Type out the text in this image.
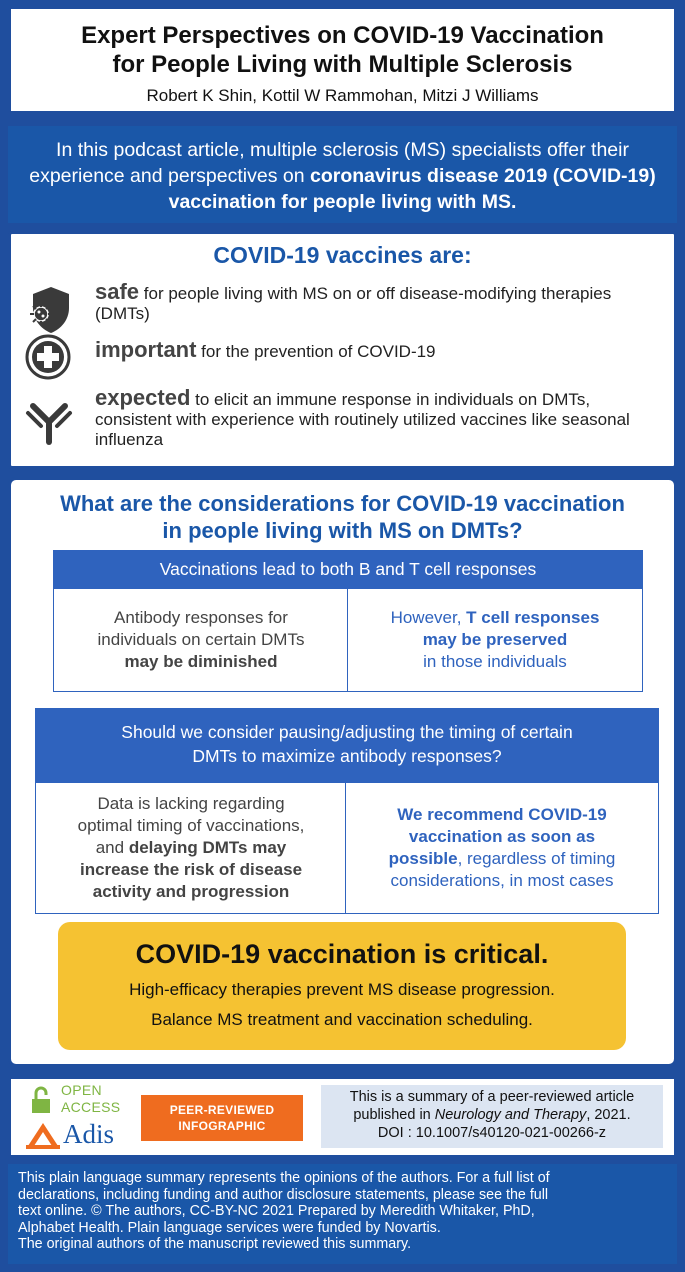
Expert Perspectives on COVID-19 Vaccination
for People Living with Multiple Sclerosis
Robert K Shin, Kottil W Rammohan, Mitzi J Williams
In this podcast article, multiple sclerosis (MS) specialists offer their experience and perspectives on coronavirus disease 2019 (COVID-19) vaccination for people living with MS.
COVID-19 vaccines are:
safe for people living with MS on or off disease-modifying therapies (DMTs)
important for the prevention of COVID-19
expected to elicit an immune response in individuals on DMTs, consistent with experience with routinely utilized vaccines like seasonal influenza
What are the considerations for COVID-19 vaccination
in people living with MS on DMTs?
Vaccinations lead to both B and T cell responses
Antibody responses for
individuals on certain DMTs
may be diminished
However, T cell responses
may be preserved
in those individuals
Should we consider pausing/adjusting the timing of certain
DMTs to maximize antibody responses?
Data is lacking regarding
optimal timing of vaccinations,
and delaying DMTs may
increase the risk of disease
activity and progression
We recommend COVID-19
vaccination as soon as
possible, regardless of timing
considerations, in most cases
COVID-19 vaccination is critical.
High-efficacy therapies prevent MS disease progression.
Balance MS treatment and vaccination scheduling.
OPEN
ACCESS
Adis
PEER-REVIEWED
INFOGRAPHIC
This is a summary of a peer-reviewed article
published in Neurology and Therapy, 2021.
DOI : 10.1007/s40120-021-00266-z
This plain language summary represents the opinions of the authors. For a full list of
declarations, including funding and author disclosure statements, please see the full
text online. © The authors, CC-BY-NC 2021 Prepared by Meredith Whitaker, PhD,
Alphabet Health. Plain language services were funded by Novartis.
The original authors of the manuscript reviewed this summary.
